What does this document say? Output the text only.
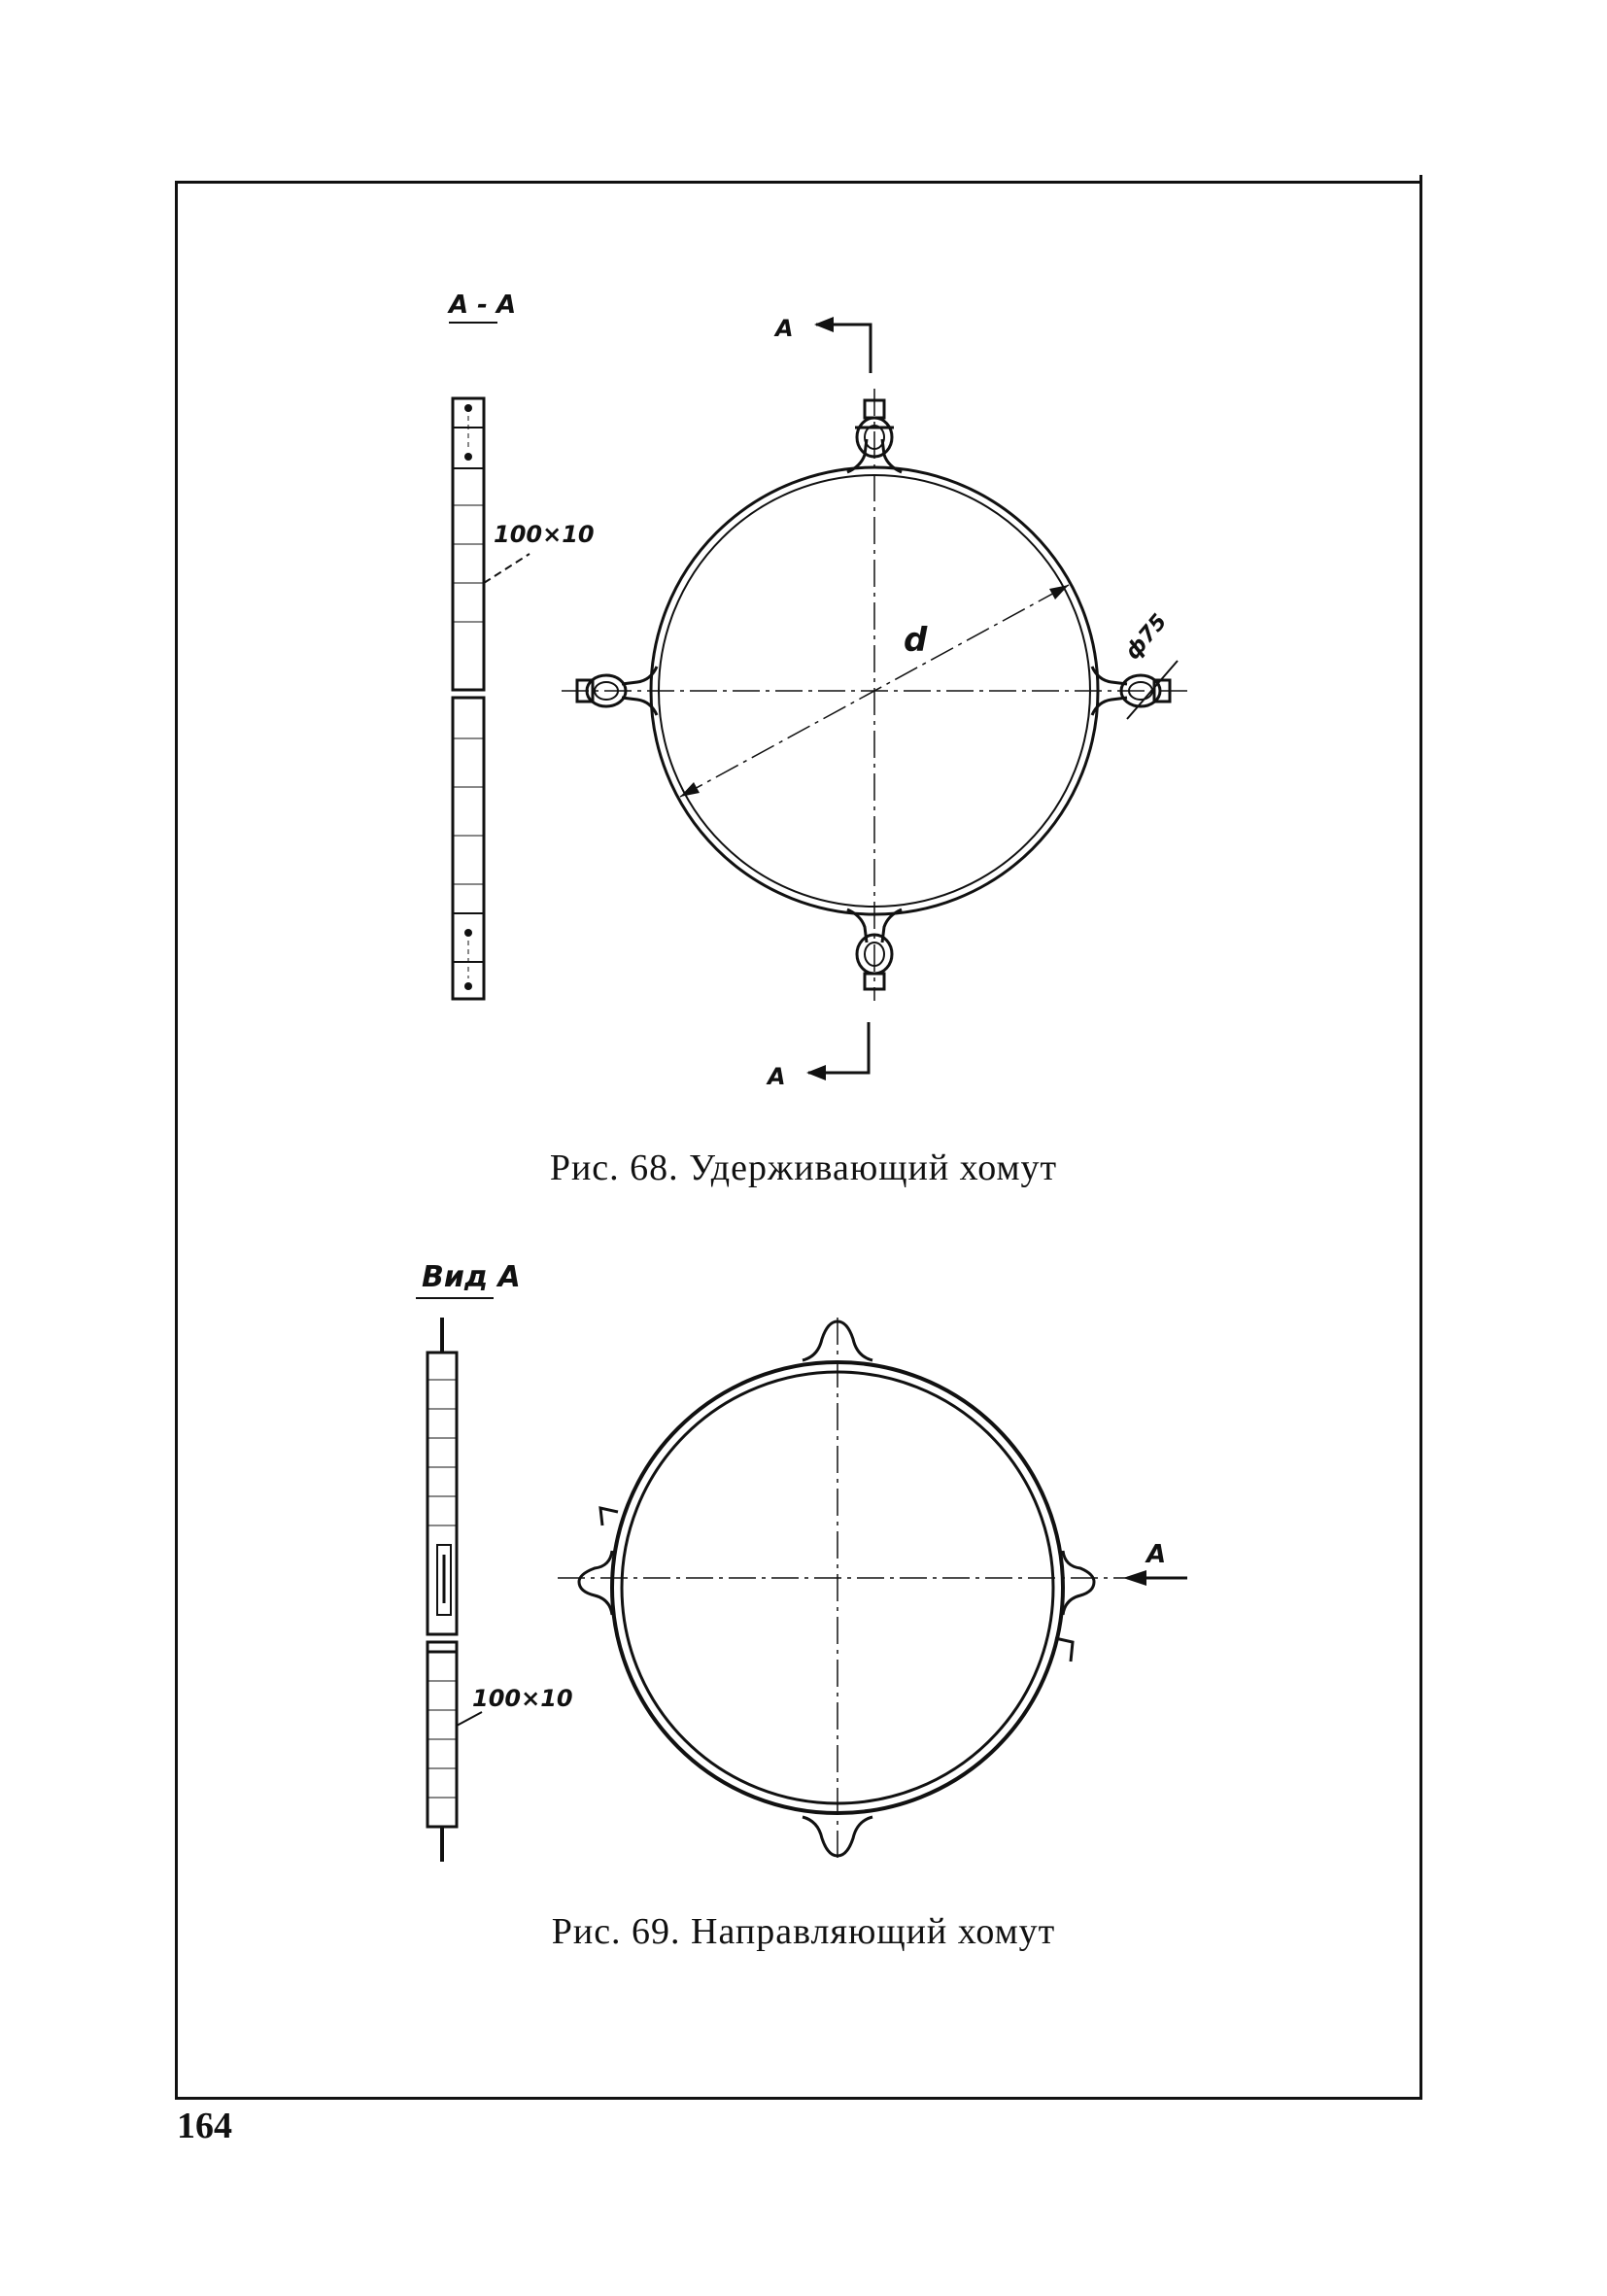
А - А
100×10
А
А
d	ф75
Вид А
100×10
А
Рис. 68. Удерживающий хомут
Рис. 69. Направляющий хомут
164
